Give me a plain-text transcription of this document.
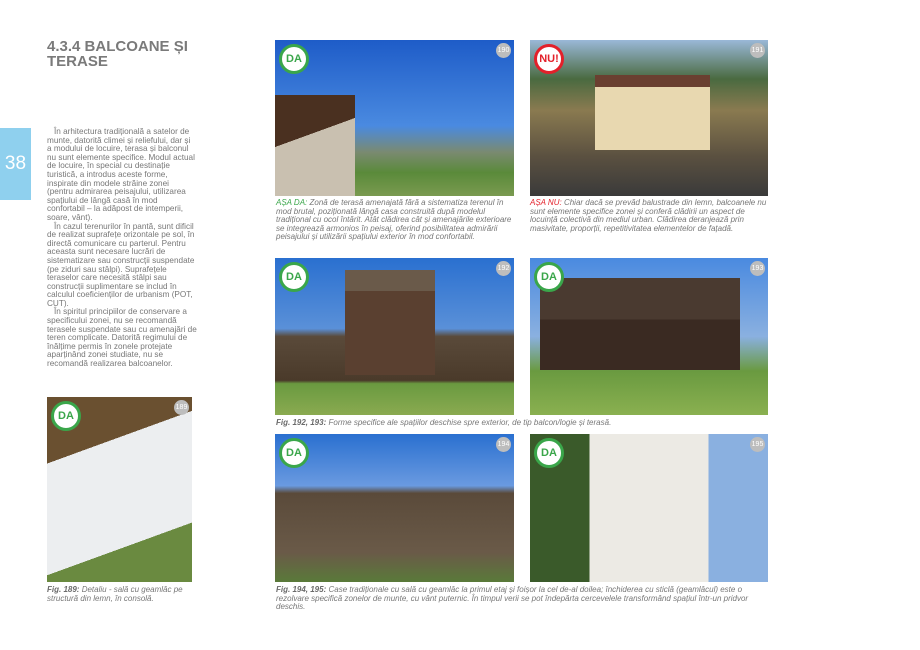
4.3.4 BALCOANE ȘI TERASE
38

În arhitectura tradițională a satelor de munte, datorită climei și reliefului, dar și a modului de locuire, terasa și balconul nu sunt elemente specifice. Modul actual de locuire, în special cu destinație turistică, a introdus aceste forme, inspirate din modele străine zonei (pentru admirarea peisajului, utilizarea spațiului de lângă casă în mod confortabil – la adăpost de intemperii, soare, vânt).

În cazul terenurilor în pantă, sunt dificil de realizat suprafețe orizontale pe sol, în directă comunicare cu parterul. Pentru aceasta sunt necesare lucrări de sistematizare sau construcții suspendate (pe ziduri sau stâlpi). Suprafețele teraselor care necesită stâlpi sau construcții suplimentare se includ în calculul coeficienților de urbanism (POT, CUT).

În spiritul principiilor de conservare a specificului zonei, nu se recomandă terasele suspendate sau cu amenajări de teren complicate. Datorită regimului de înălțime permis în zonele protejate aparținând zonei studiate, nu se recomandă realizarea balcoanelor.

DA
189
DA
190
NU!
191
AȘA DA: Zonă de terasă amenajată fără a sistematiza terenul în mod brutal, poziționată lângă casa construită după modelul tradițional cu ocol întărit. Atât clădirea cât și amenajările exterioare se integrează armonios în peisaj, oferind posibilitatea admirării peisajului și utilizării spațiului exterior în mod confortabil.
AȘA NU: Chiar dacă se prevăd balustrade din lemn, balcoanele nu sunt elemente specifice zonei și conferă clădirii un aspect de locuință colectivă din mediul urban. Clădirea deranjează prin masivitate, proporții, repetitivitatea elementelor de fațadă.
DA
192
DA
193
Fig. 192, 193: Forme specifice ale spațiilor deschise spre exterior, de tip balcon/logie și terasă.
DA
194
DA
195
Fig. 189: Detaliu - sală cu geamlâc pe structură din lemn, în consolă.
Fig. 194, 195: Case tradiționale cu sală cu geamlâc la primul etaj și foișor la cel de-al doilea; închiderea cu sticlă (geamlâcul) este o rezolvare specifică zonelor de munte, cu vânt puternic. În timpul verii se pot îndepărta cercevelele transformând spațiul într-un pridvor deschis.
